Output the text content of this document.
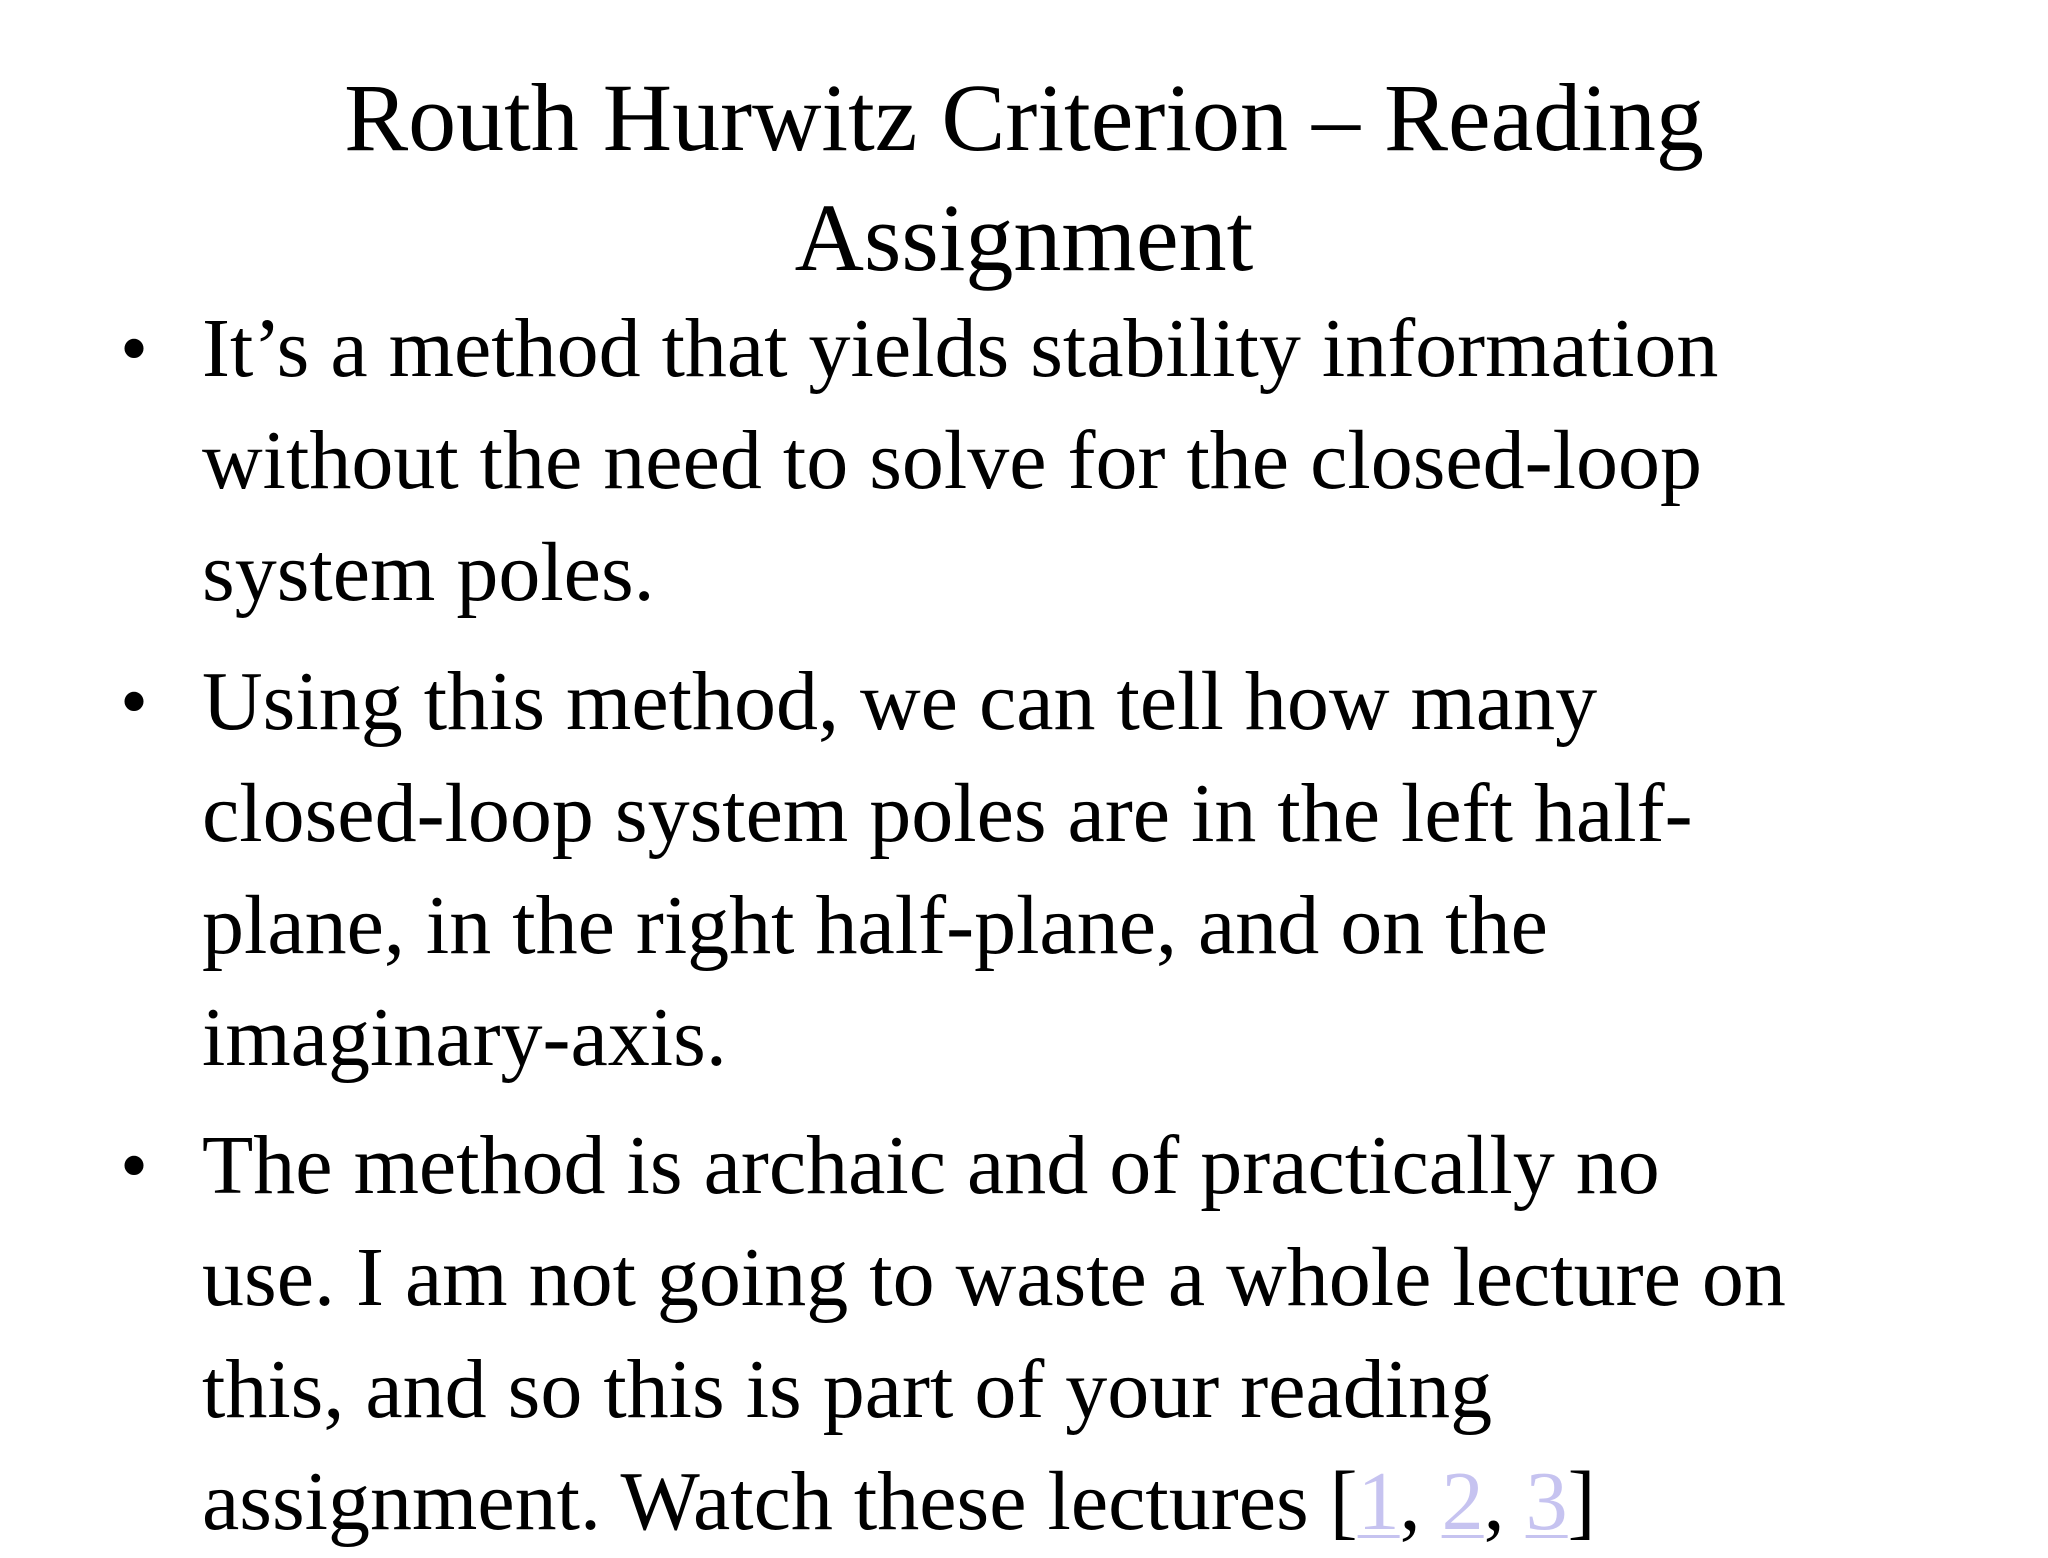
Routh Hurwitz Criterion – Reading
Assignment
• It’s a method that yields stability information
without the need to solve for the closed-loop
system poles.
• Using this method, we can tell how many
closed-loop system poles are in the left half-
plane, in the right half-plane, and on the
imaginary-axis.
• The method is archaic and of practically no
use. I am not going to waste a whole lecture on
this, and so this is part of your reading
assignment. Watch these lectures [1, 2, 3]
